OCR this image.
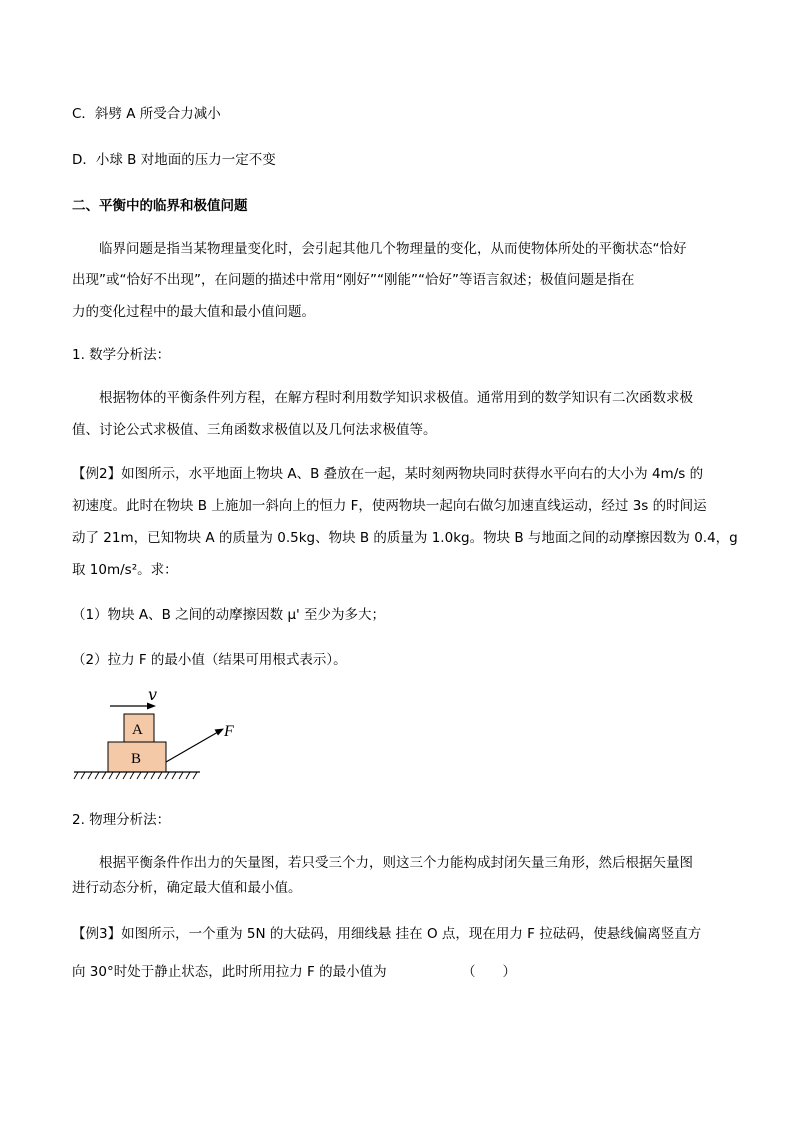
C．斜劈 A 所受合力减小
D．小球 B 对地面的压力一定不变
二、平衡中的临界和极值问题
临界问题是指当某物理量变化时，会引起其他几个物理量的变化，从而使物体所处的平衡状态“恰好
出现”或“恰好不出现”，在问题的描述中常用“刚好”“刚能”“恰好”等语言叙述；极值问题是指在
力的变化过程中的最大值和最小值问题。
1. 数学分析法：
根据物体的平衡条件列方程，在解方程时利用数学知识求极值。通常用到的数学知识有二次函数求极
值、讨论公式求极值、三角函数求极值以及几何法求极值等。
【例2】如图所示，水平地面上物块 A、B 叠放在一起，某时刻两物块同时获得水平向右的大小为 4m/s 的
初速度。此时在物块 B 上施加一斜向上的恒力 F，使两物块一起向右做匀加速直线运动，经过 3s 的时间运
动了 21m，已知物块 A 的质量为 0.5kg、物块 B 的质量为 1.0kg。物块 B 与地面之间的动摩擦因数为 0.4，g
取 10m/s²。求：
（1）物块 A、B 之间的动摩擦因数 μ' 至少为多大；
（2）拉力 F 的最小值（结果可用根式表示）。
v
A
B
F
2. 物理分析法：
根据平衡条件作出力的矢量图，若只受三个力，则这三个力能构成封闭矢量三角形，然后根据矢量图
进行动态分析，确定最大值和最小值。
【例3】如图所示，一个重为 5N 的大砝码，用细线悬 挂在 O 点，现在用力 F 拉砝码，使悬线偏离竖直方
向 30°时处于静止状态，此时所用拉力 F 的最小值为	（　　）
